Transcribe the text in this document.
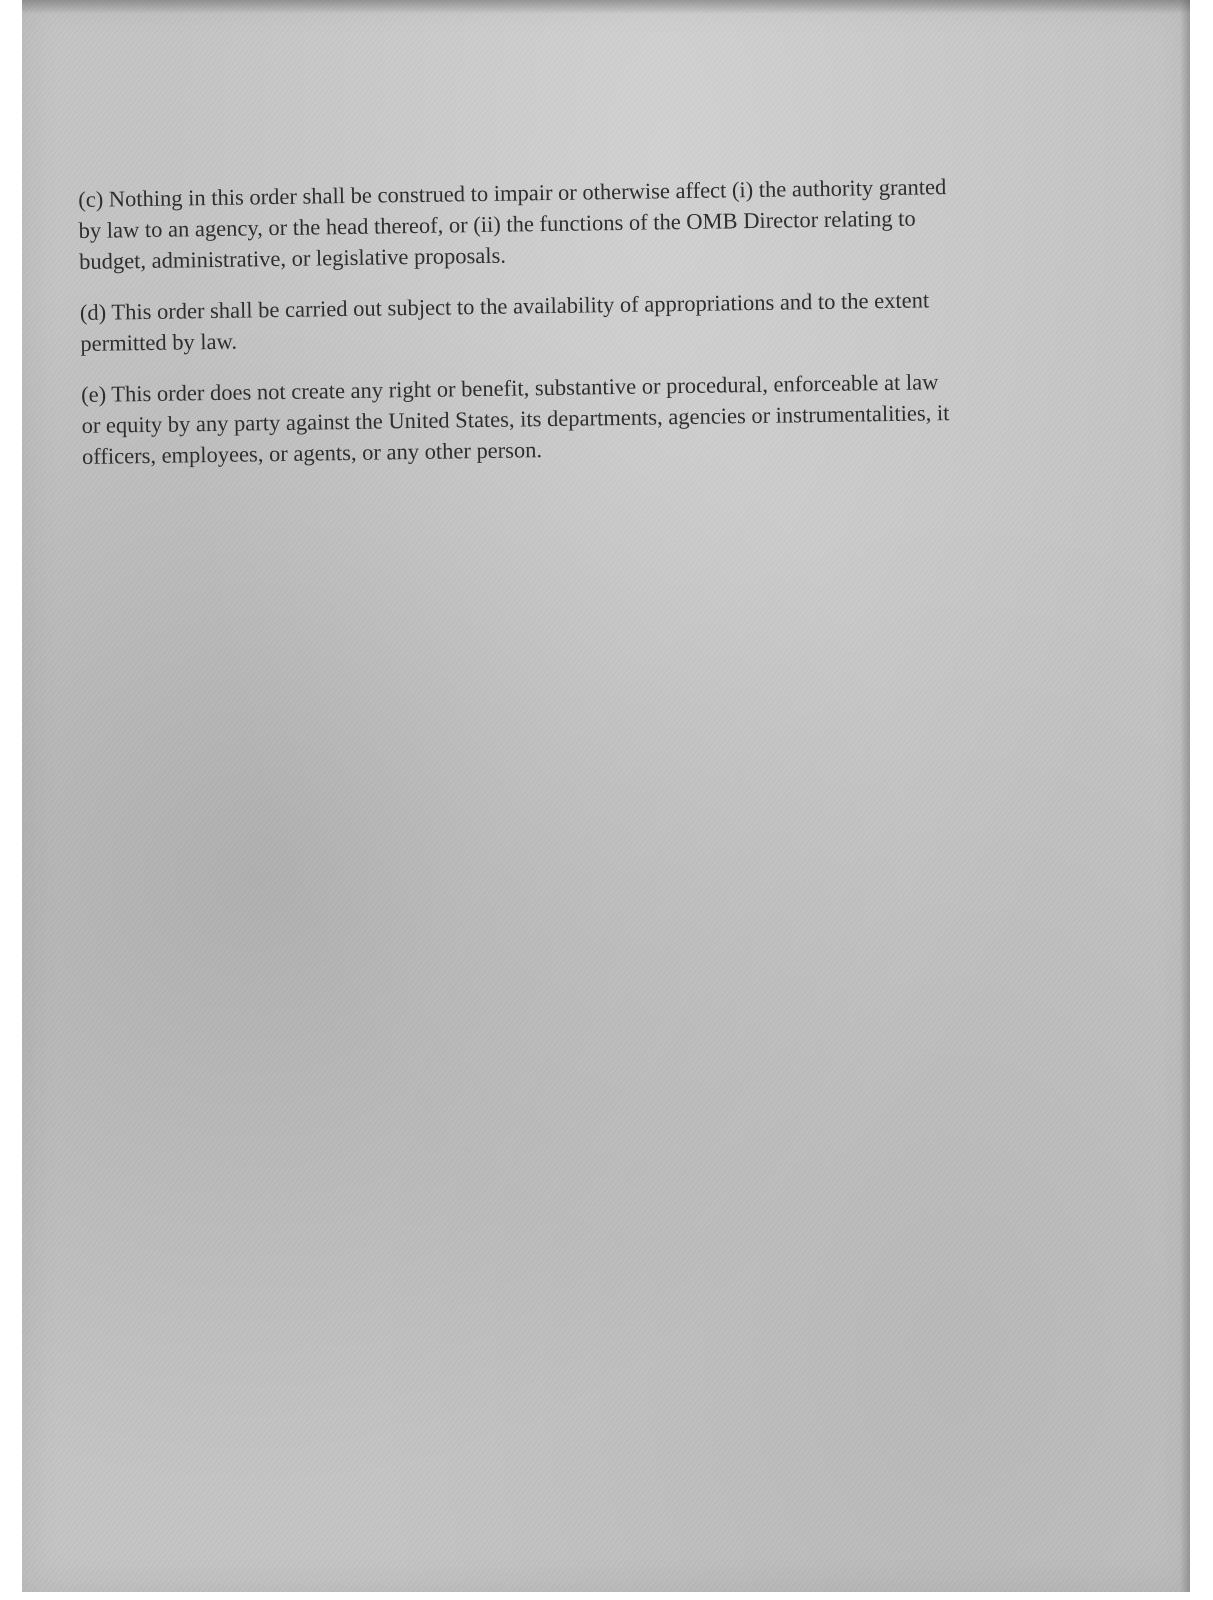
(c) Nothing in this order shall be construed to impair or otherwise affect (i) the authority granted
by law to an agency, or the head thereof, or (ii) the functions of the OMB Director relating to
budget, administrative, or legislative proposals.

(d) This order shall be carried out subject to the availability of appropriations and to the extent
permitted by law.

(e) This order does not create any right or benefit, substantive or procedural, enforceable at law
or equity by any party against the United States, its departments, agencies or instrumentalities, it
officers, employees, or agents, or any other person.
